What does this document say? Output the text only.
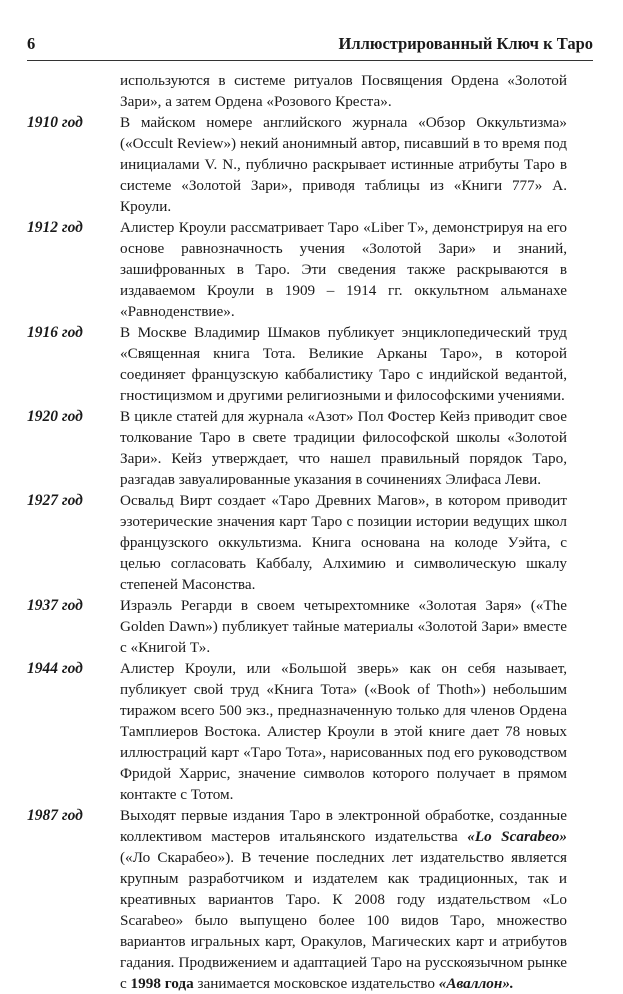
6	Иллюстрированный Ключ к Таро

используются в системе ритуалов Посвящения Ордена «Золотой Зари», а затем Ордена «Розового Креста».

1910 год	В майском номере английского журнала «Обзор Оккультизма» («Occult Review») некий анонимный автор, писавший в то время под инициалами V. N., публично раскрывает истинные атрибуты Таро в системе «Золотой Зари», приводя таблицы из «Книги 777» А. Кроули.

1912 год	Алистер Кроули рассматривает Таро «Liber T», демонстрируя на его основе равнозначность учения «Золотой Зари» и знаний, зашифрованных в Таро. Эти сведения также раскрываются в издаваемом Кроули в 1909 – 1914 гг. оккультном альманахе «Равноденствие».

1916 год	В Москве Владимир Шмаков публикует энциклопедический труд «Священная книга Тота. Великие Арканы Таро», в которой соединяет французскую каббалистику Таро с индийской ведантой, гностицизмом и другими религиозными и философскими учениями.

1920 год	В цикле статей для журнала «Азот» Пол Фостер Кейз приводит свое толкование Таро в свете традиции философской школы «Золотой Зари». Кейз утверждает, что нашел правильный порядок Таро, разгадав завуалированные указания в сочинениях Элифаса Леви.

1927 год	Освальд Вирт создает «Таро Древних Магов», в котором приводит эзотерические значения карт Таро с позиции истории ведущих школ французского оккультизма. Книга основана на колоде Уэйта, с целью согласовать Каббалу, Алхимию и символическую шкалу степеней Масонства.

1937 год	Израэль Регарди в своем четырехтомнике «Золотая Заря» («The Golden Dawn») публикует тайные материалы «Золотой Зари» вместе с «Книгой Т».

1944 год	Алистер Кроули, или «Большой зверь» как он себя называет, публикует свой труд «Книга Тота» («Book of Thoth») небольшим тиражом всего 500 экз., предназначенную только для членов Ордена Тамплиеров Востока. Алистер Кроули в этой книге дает 78 новых иллюстраций карт «Таро Тота», нарисованных под его руководством Фридой Харрис, значение символов которого получает в прямом контакте с Тотом.

1987 год	Выходят первые издания Таро в электронной обработке, созданные коллективом мастеров итальянского издательства «Lo Scarabeo» («Ло Скарабео»). В течение последних лет издательство является крупным разработчиком и издателем как традиционных, так и креативных вариантов Таро. К 2008 году издательством «Lo Scarabeo» было выпущено более 100 видов Таро, множество вариантов игральных карт, Оракулов, Магических карт и атрибутов гадания. Продвижением и адаптацией Таро на русскоязычном рынке с 1998 года занимается московское издательство «Аваллон».
